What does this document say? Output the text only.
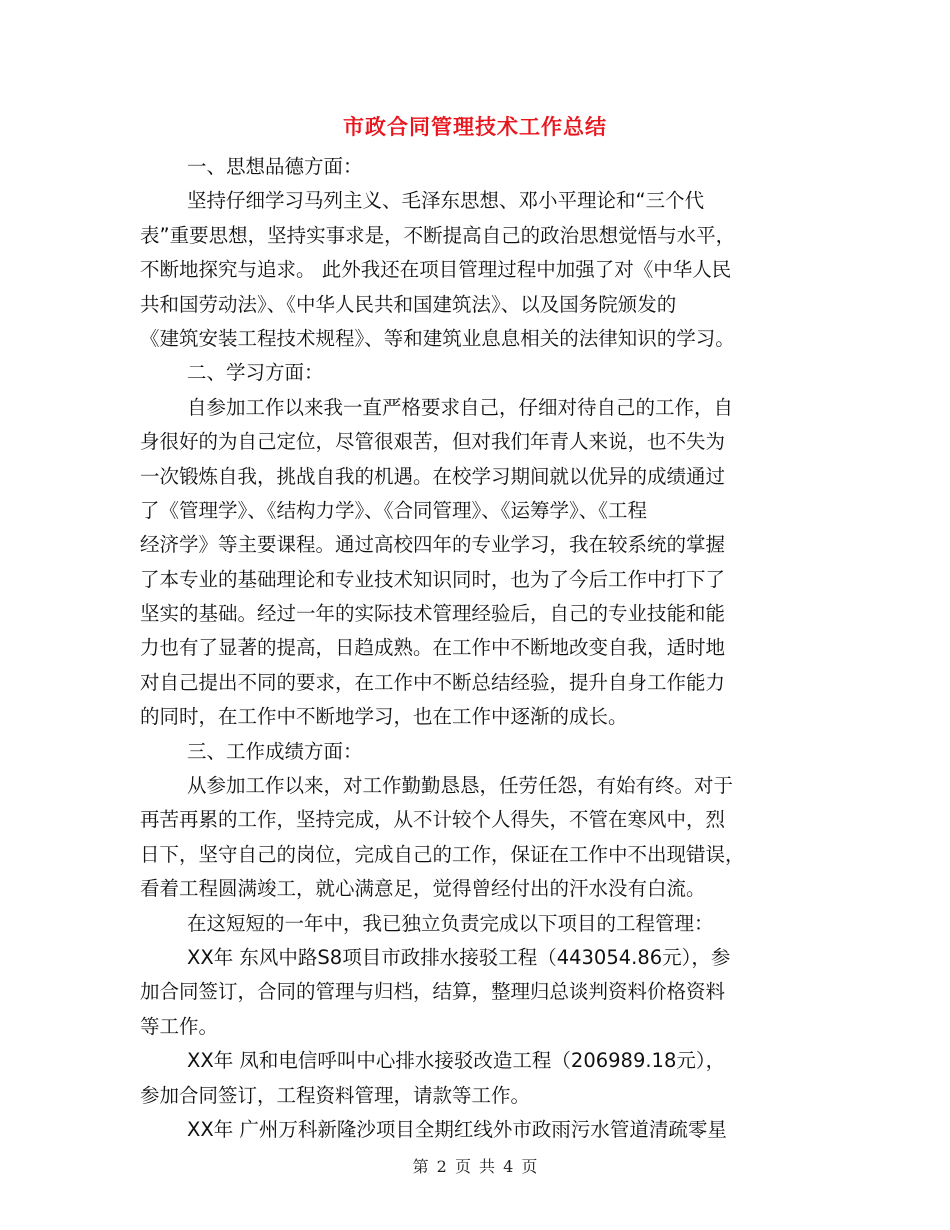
市政合同管理技术工作总结
一、思想品德方面：
坚持仔细学习马列主义、毛泽东思想、邓小平理论和“三个代
表”重要思想，坚持实事求是，不断提高自己的政治思想觉悟与水平，
不断地探究与追求。 此外我还在项目管理过程中加强了对《中华人民
共和国劳动法》、《中华人民共和国建筑法》、以及国务院颁发的
《建筑安装工程技术规程》、等和建筑业息息相关的法律知识的学习。
二、学习方面：
自参加工作以来我一直严格要求自己，仔细对待自己的工作，自
身很好的为自己定位，尽管很艰苦，但对我们年青人来说，也不失为
一次锻炼自我，挑战自我的机遇。在校学习期间就以优异的成绩通过
了《管理学》、《结构力学》、《合同管理》、《运筹学》、《工程
经济学》等主要课程。通过高校四年的专业学习，我在较系统的掌握
了本专业的基础理论和专业技术知识同时，也为了今后工作中打下了
坚实的基础。经过一年的实际技术管理经验后，自己的专业技能和能
力也有了显著的提高，日趋成熟。在工作中不断地改变自我，适时地
对自己提出不同的要求，在工作中不断总结经验，提升自身工作能力
的同时，在工作中不断地学习，也在工作中逐渐的成长。
三、工作成绩方面：
从参加工作以来，对工作勤勤恳恳，任劳任怨，有始有终。对于
再苦再累的工作，坚持完成，从不计较个人得失，不管在寒风中，烈
日下，坚守自己的岗位，完成自己的工作，保证在工作中不出现错误，
看着工程圆满竣工，就心满意足，觉得曾经付出的汗水没有白流。
在这短短的一年中，我已独立负责完成以下项目的工程管理：
XX年 东风中路S8项目市政排水接驳工程（443054.86元），参
加合同签订，合同的管理与归档，结算，整理归总谈判资料价格资料
等工作。
XX年 凤和电信呼叫中心排水接驳改造工程（206989.18元），
参加合同签订，工程资料管理，请款等工作。
XX年 广州万科新隆沙项目全期红线外市政雨污水管道清疏零星
第 2 页 共 4 页
